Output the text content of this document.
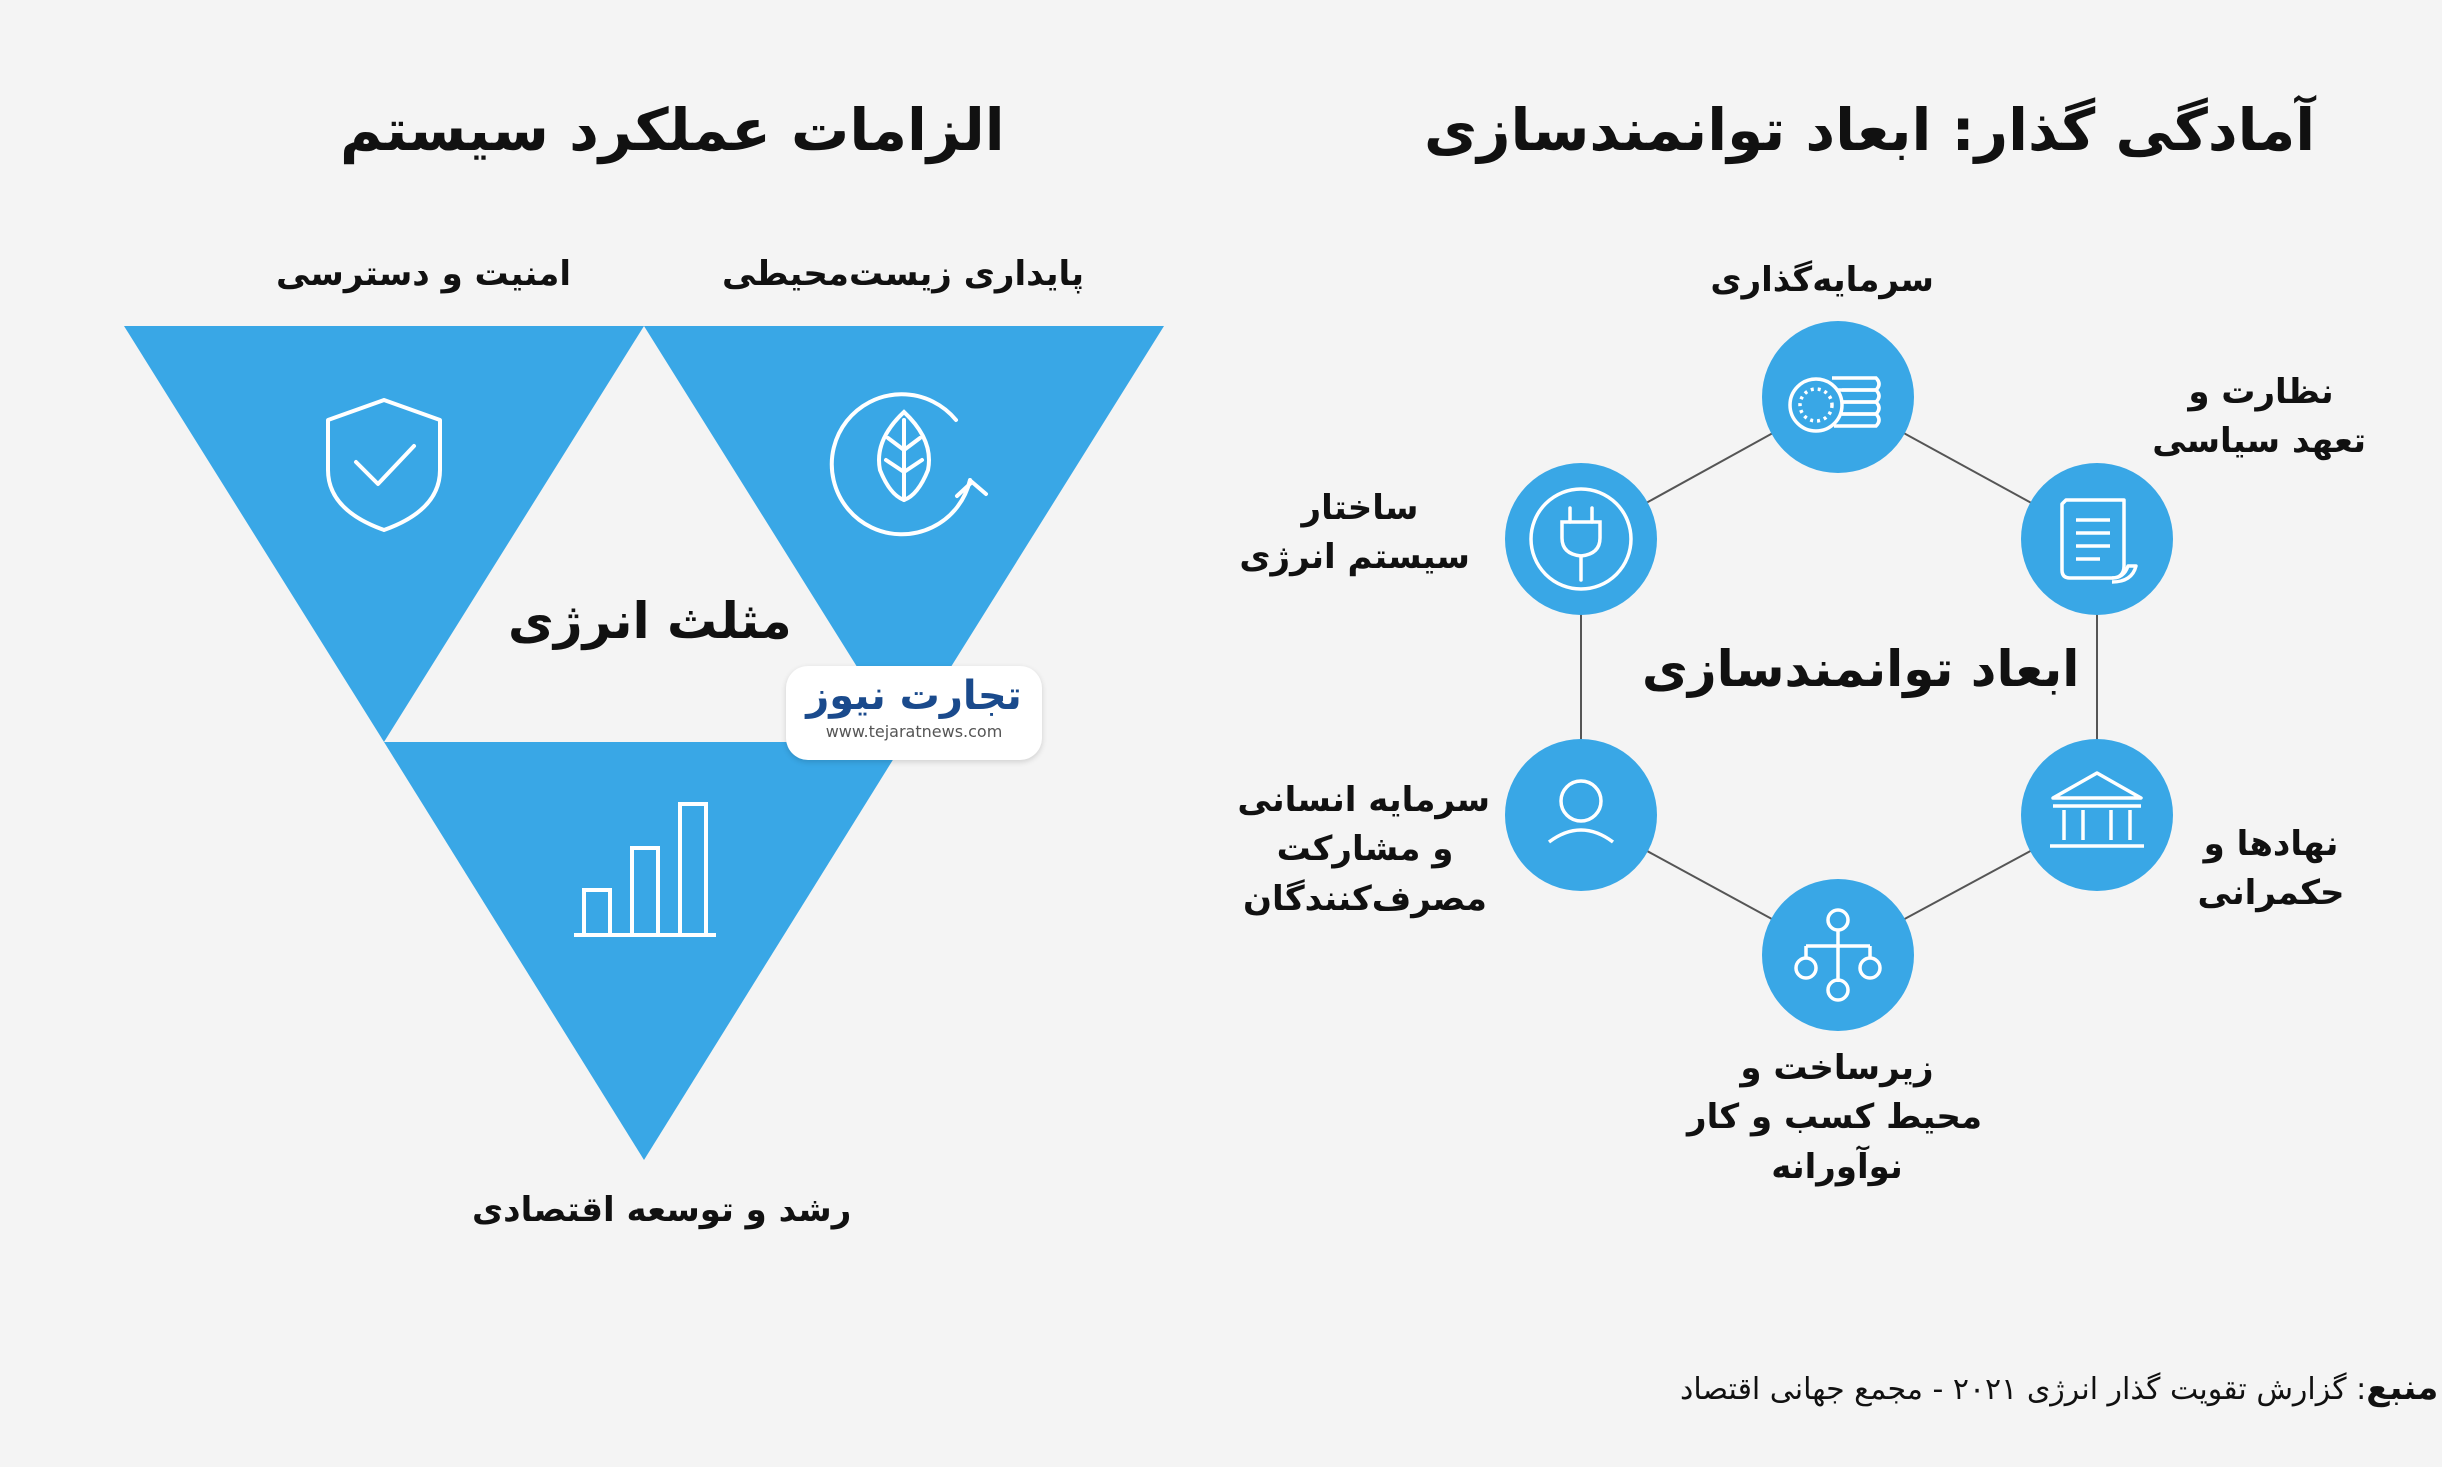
الزامات عملکرد سیستم
امنیت و دسترسی	پایداری زیست‌محیطی
مثلث انرژی
رشد و توسعه اقتصادی
تجارت نیوز
www.tejaratnews.com
آمادگی گذار: ابعاد توانمندسازی
ابعاد توانمندسازی
سرمایه‌گذاری
نظارت و
تعهد سیاسی
نهادها و
حکمرانی
زیرساخت و
محیط کسب و کار
نوآورانه
سرمایه انسانی
و مشارکت
مصرف‌کنندگان
ساختار
سیستم انرژی
منبع: گزارش تقویت گذار انرژی ۲۰۲۱ - مجمع جهانی اقتصاد
